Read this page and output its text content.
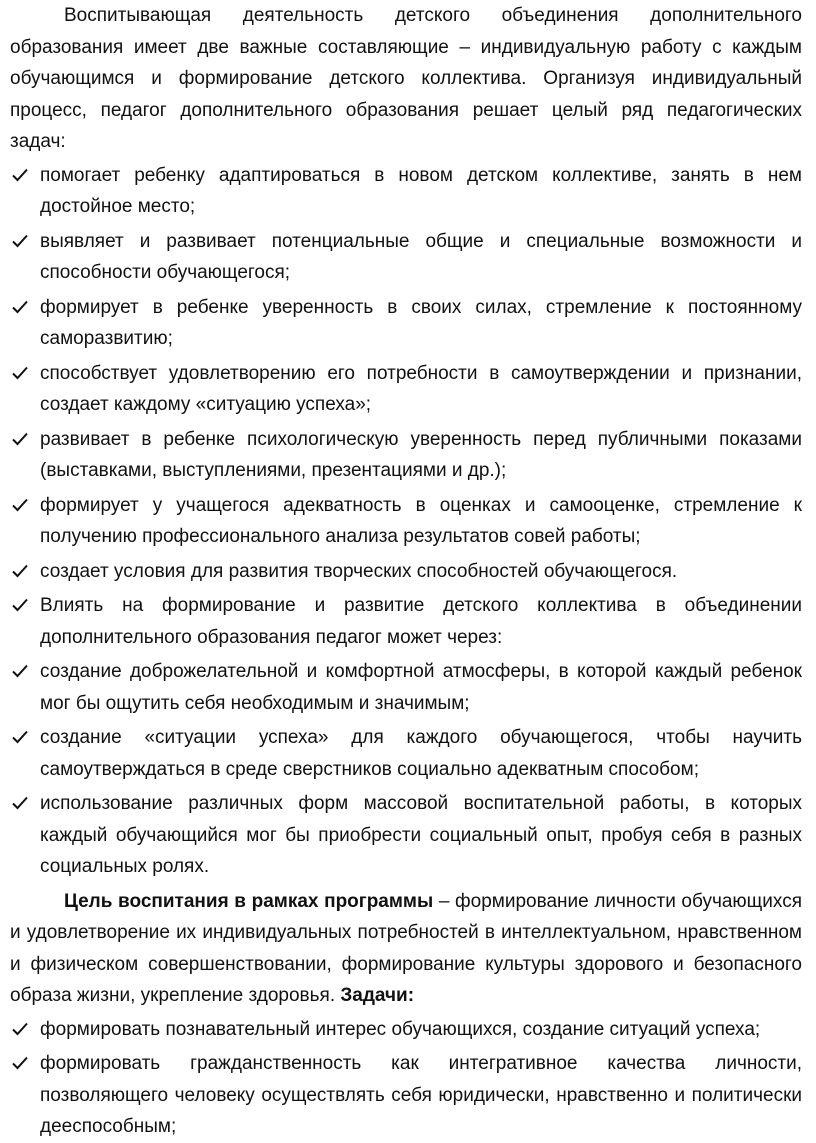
Воспитывающая деятельность детского объединения дополнительного образования имеет две важные составляющие – индивидуальную работу с каждым обучающимся и формирование детского коллектива. Организуя индивидуальный процесс, педагог дополнительного образования решает целый ряд педагогических задач:

помогает ребенку адаптироваться в новом детском коллективе, занять в нем достойное место;
выявляет и развивает потенциальные общие и специальные возможности и способности обучающегося;
формирует в ребенке уверенность в своих силах, стремление к постоянному саморазвитию;
способствует удовлетворению его потребности в самоутверждении и признании, создает каждому «ситуацию успеха»;
развивает в ребенке психологическую уверенность перед публичными показами (выставками, выступлениями, презентациями и др.);
формирует у учащегося адекватность в оценках и самооценке, стремление к получению профессионального анализа результатов совей работы;
создает условия для развития творческих способностей обучающегося.
Влиять на формирование и развитие детского коллектива в объединении дополнительного образования педагог может через:
создание доброжелательной и комфортной атмосферы, в которой каждый ребенок мог бы ощутить себя необходимым и значимым;
создание «ситуации успеха» для каждого обучающегося, чтобы научить самоутверждаться в среде сверстников социально адекватным способом;
использование различных форм массовой воспитательной работы, в которых каждый обучающийся мог бы приобрести социальный опыт, пробуя себя в разных социальных ролях.

Цель воспитания в рамках программы – формирование личности обучающихся и удовлетворение их индивидуальных потребностей в интеллектуальном, нравственном и физическом совершенствовании, формирование культуры здорового и безопасного образа жизни, укрепление здоровья. Задачи:

формировать познавательный интерес обучающихся, создание ситуаций успеха;
формировать гражданственность как интегративное качества личности, позволяющего человеку осуществлять себя юридически, нравственно и политически дееспособным;
